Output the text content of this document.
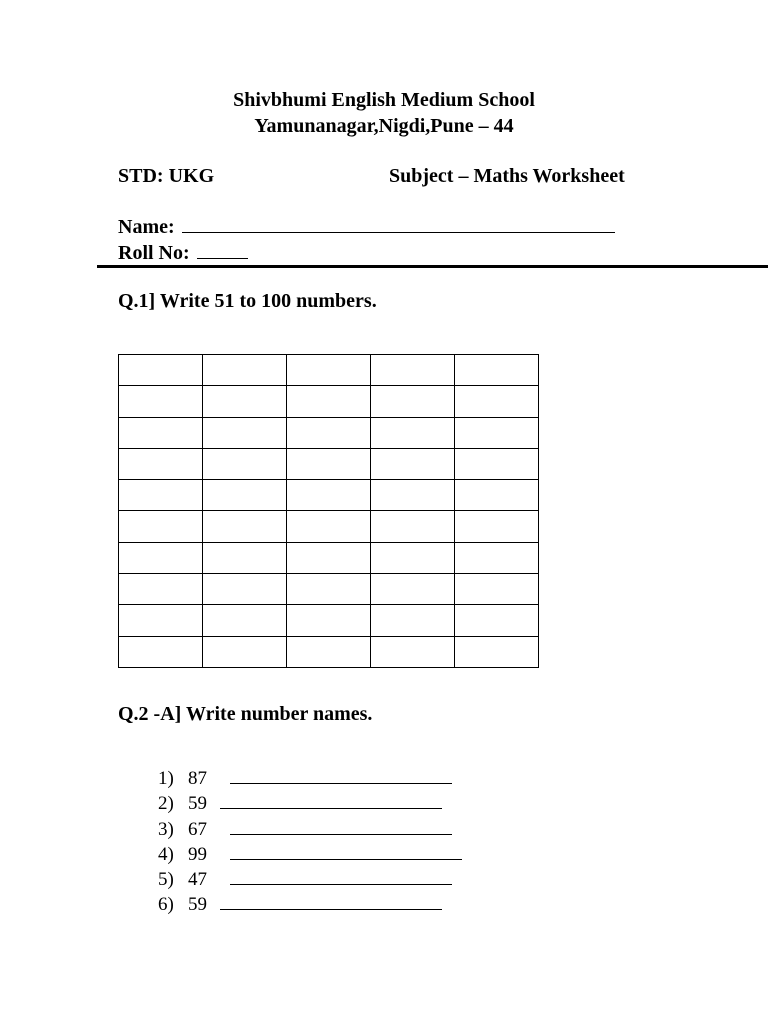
Shivbhumi English Medium School
Yamunanagar,Nigdi,Pune – 44
STD: UKG	Subject – Maths Worksheet
Name:
Roll No:
Q.1] Write 51 to 100 numbers.

Q.2 -A] Write number names.
1) 87
2) 59
3) 67
4) 99
5) 47
6) 59
